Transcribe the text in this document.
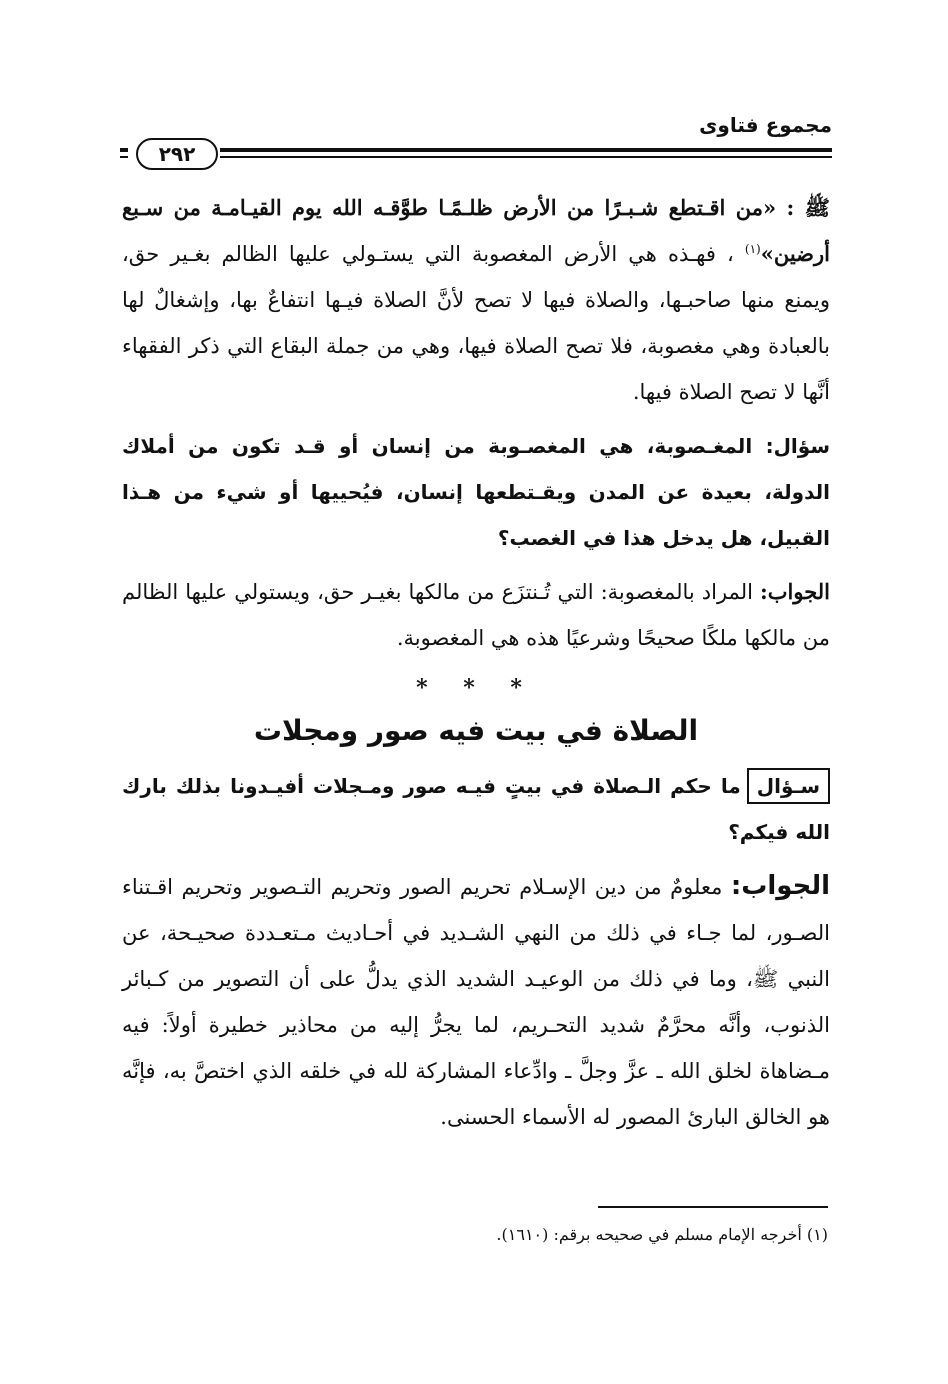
مجموع فتاوى
٢٩٢

ﷺ : «من اقـتطع شـبـرًا من الأرض ظلـمًـا طوَّقـه الله يوم القيـامـة من سـبع أرضين»$^{(١)}$ ، فهـذه هي الأرض المغصوبة التي يستـولي عليها الظالم بغـير حق، ويمنع منها صاحبـها، والصلاة فيها لا تصح لأنَّ الصلاة فيـها انتفاعٌ بها، وإشغالٌ لها بالعبادة وهي مغصوبة، فلا تصح الصلاة فيها، وهي من جملة البقاع التي ذكر الفقهاء أنَّها لا تصح الصلاة فيها.

سؤال: المغـصوبة، هي المغصـوبة من إنسان أو قـد تكون من أملاك الدولة، بعيدة عن المدن ويقـتطعها إنسان، فيُحييها أو شيء من هـذا القبيل، هل يدخل هذا في الغصب؟

الجواب: المراد بالمغصوبة: التي تُـنتزَع من مالكها بغيـر حق، ويستولي عليها الظالم من مالكها ملكًا صحيحًا وشرعيًا هذه هي المغصوبة.

* * *
الصلاة في بيت فيه صور ومجلات

سـؤالما حكم الـصلاة في بيتٍ فيـه صور ومـجلات أفيـدونا بذلك بارك الله فيكم؟

الجواب: معلومٌ من دين الإسـلام تحريم الصور وتحريم التـصوير وتحريم اقـتناء الصـور، لما جـاء في ذلك من النهي الشـديد في أحـاديث مـتعـددة صحيـحة، عن النبي ﷺ، وما في ذلك من الوعيـد الشديد الذي يدلُّ على أن التصوير من كـبائر الذنوب، وأنَّه محرَّمٌ شديد التحـريم، لما يجرُّ إليه من محاذير خطيرة أولاً: فيه مـضاهاة لخلق الله ـ عزَّ وجلَّ ـ وادِّعاء المشاركة لله في خلقه الذي اختصَّ به، فإنَّه هو الخالق البارئ المصور له الأسماء الحسنى.

(١) أخرجه الإمام مسلم في صحيحه برقم: (١٦١٠).
